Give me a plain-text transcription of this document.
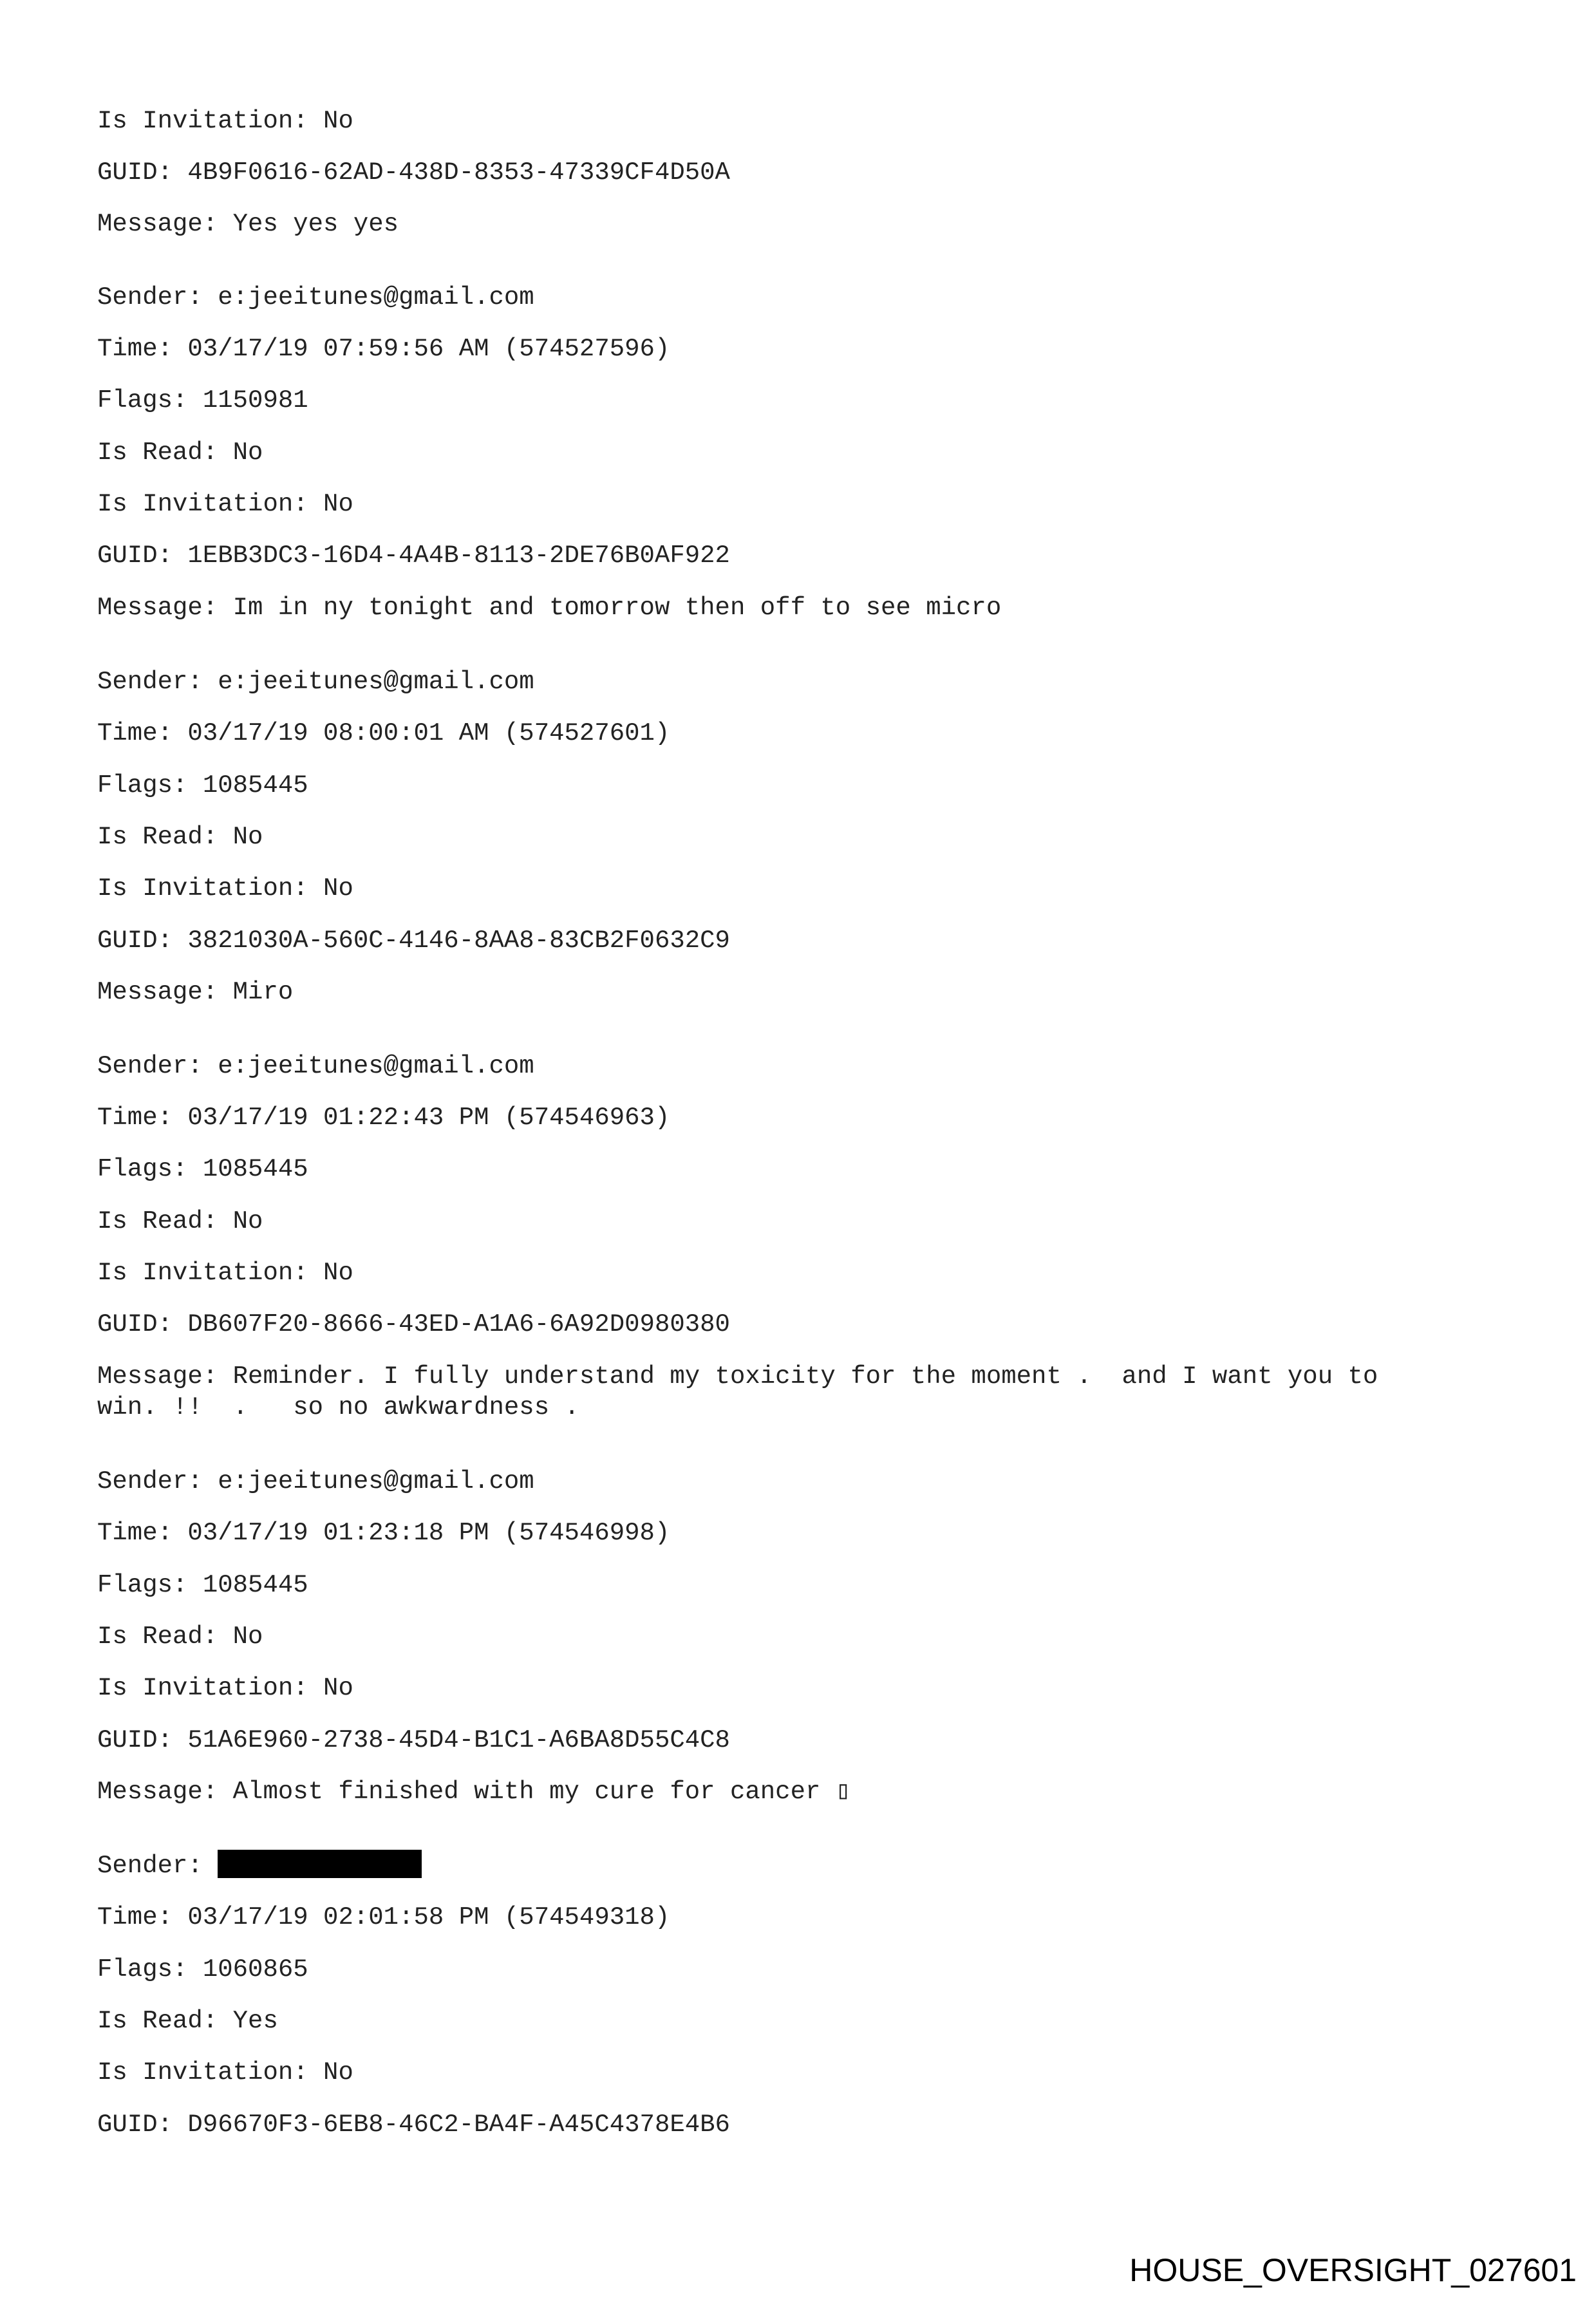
Is Invitation: No

GUID: 4B9F0616-62AD-438D-8353-47339CF4D50A

Message: Yes yes yes

Sender: e:jeeitunes@gmail.com

Time: 03/17/19 07:59:56 AM (574527596)

Flags: 1150981

Is Read: No

Is Invitation: No

GUID: 1EBB3DC3-16D4-4A4B-8113-2DE76B0AF922

Message: Im in ny tonight and tomorrow then off to see micro

Sender: e:jeeitunes@gmail.com

Time: 03/17/19 08:00:01 AM (574527601)

Flags: 1085445

Is Read: No

Is Invitation: No

GUID: 3821030A-560C-4146-8AA8-83CB2F0632C9

Message: Miro

Sender: e:jeeitunes@gmail.com

Time: 03/17/19 01:22:43 PM (574546963)

Flags: 1085445

Is Read: No

Is Invitation: No

GUID: DB607F20-8666-43ED-A1A6-6A92D0980380

Message: Reminder. I fully understand my toxicity for the moment .  and I want you to

win. !!  .   so no awkwardness .

Sender: e:jeeitunes@gmail.com

Time: 03/17/19 01:23:18 PM (574546998)

Flags: 1085445

Is Read: No

Is Invitation: No

GUID: 51A6E960-2738-45D4-B1C1-A6BA8D55C4C8

Message: Almost finished with my cure for cancer ▯

Sender:

Time: 03/17/19 02:01:58 PM (574549318)

Flags: 1060865

Is Read: Yes

Is Invitation: No

GUID: D96670F3-6EB8-46C2-BA4F-A45C4378E4B6

HOUSE_OVERSIGHT_027601
